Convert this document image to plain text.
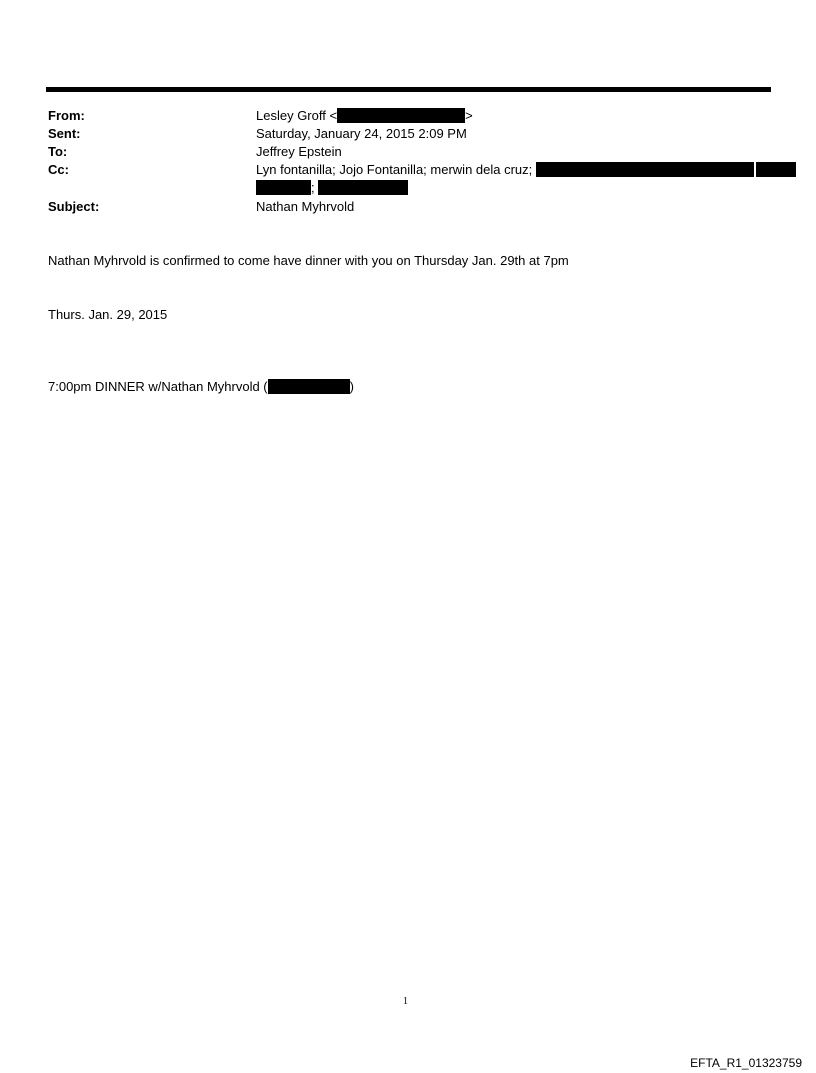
From:	Lesley Groff <	>
Sent:	Saturday, January 24, 2015 2:09 PM
To:	Jeffrey Epstein
Cc:	Lyn fontanilla; Jojo Fontanilla; merwin dela cruz;
;
Subject:	Nathan Myhrvold
Nathan Myhrvold is confirmed to come have dinner with you on Thursday Jan. 29th at 7pm
Thurs. Jan. 29, 2015
7:00pm DINNER w/Nathan Myhrvold (	)
1
EFTA_R1_01323759
